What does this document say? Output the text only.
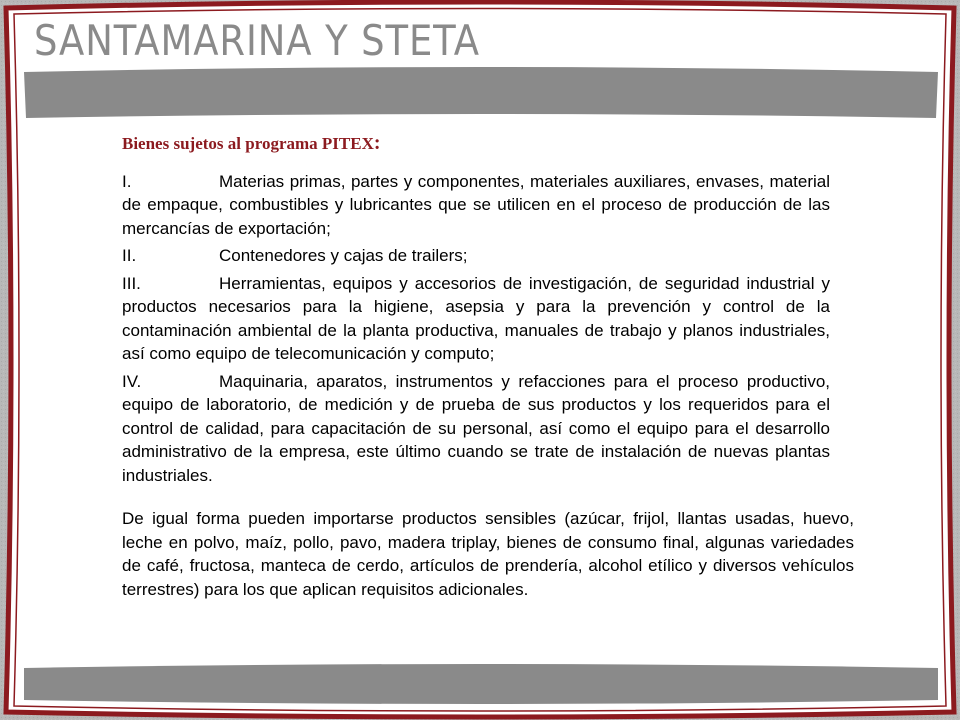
SANTAMARINA Y STETA

Bienes sujetos al programa PITEX:

I.	Materias primas, partes y componentes, materiales auxiliares, envases, material de empaque, combustibles y lubricantes que se utilicen en el proceso de producción de las mercancías de exportación;

II.	Contenedores y cajas de trailers;

III.	Herramientas, equipos y accesorios de investigación, de seguridad industrial y productos necesarios para la higiene, asepsia y para la prevención y control de la contaminación ambiental de la planta productiva, manuales de trabajo y planos industriales, así como equipo de telecomunicación y computo;

IV.	Maquinaria, aparatos, instrumentos y refacciones para el proceso productivo, equipo de laboratorio, de medición y de prueba de sus productos y los requeridos para el control de calidad, para capacitación de su personal, así como el equipo para el desarrollo administrativo de la empresa, este último cuando se trate de instalación de nuevas plantas industriales.

De igual forma pueden importarse productos sensibles (azúcar, frijol, llantas usadas, huevo, leche en polvo, maíz, pollo, pavo, madera triplay, bienes de consumo final, algunas variedades de café, fructosa, manteca de cerdo, artículos de prendería, alcohol etílico y diversos vehículos terrestres) para los que aplican requisitos adicionales.
